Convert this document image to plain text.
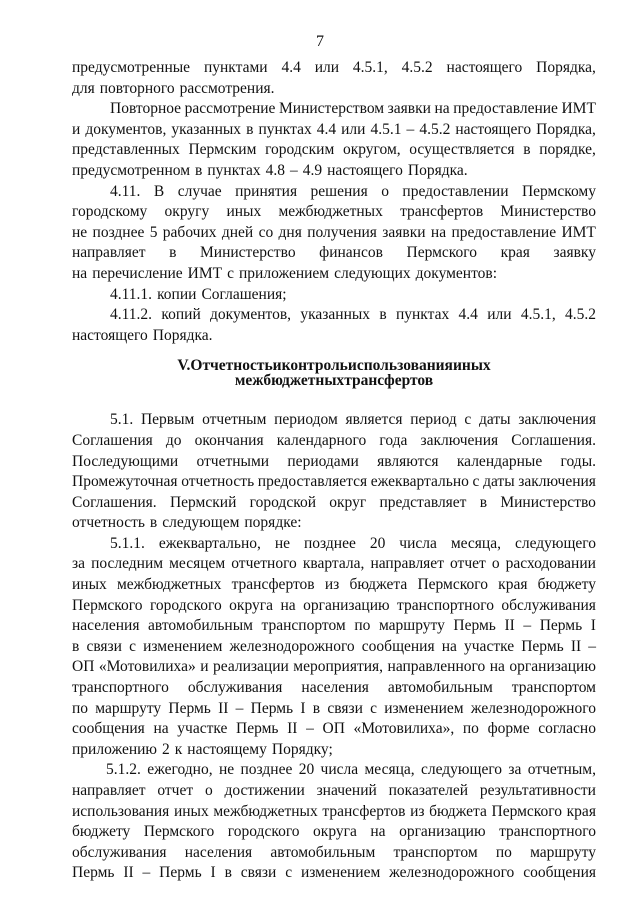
7
предусмотренные пунктами 4.4 или 4.5.1, 4.5.2 настоящего Порядка,
для повторного рассмотрения.
Повторное рассмотрение Министерством заявки на предоставление ИМТ
и документов, указанных в пунктах 4.4 или 4.5.1 – 4.5.2 настоящего Порядка,
представленных Пермским городским округом, осуществляется в порядке,
предусмотренном в пунктах 4.8 – 4.9 настоящего Порядка.
4.11. В случае принятия решения о предоставлении Пермскому
городскому округу иных межбюджетных трансфертов Министерство
не позднее 5 рабочих дней со дня получения заявки на предоставление ИМТ
направляет в Министерство финансов Пермского края заявку
на перечисление ИМТ с приложением следующих документов:
4.11.1. копии Соглашения;
4.11.2. копий документов, указанных в пунктах 4.4 или 4.5.1, 4.5.2
настоящего Порядка.
V. Отчетность и контроль использования иных
межбюджетных трансфертов
5.1. Первым отчетным периодом является период с даты заключения
Соглашения до окончания календарного года заключения Соглашения.
Последующими отчетными периодами являются календарные годы.
Промежуточная отчетность предоставляется ежеквартально с даты заключения
Соглашения. Пермский городской округ представляет в Министерство
отчетность в следующем порядке:
5.1.1. ежеквартально, не позднее 20 числа месяца, следующего
за последним месяцем отчетного квартала, направляет отчет о расходовании
иных межбюджетных трансфертов из бюджета Пермского края бюджету
Пермского городского округа на организацию транспортного обслуживания
населения автомобильным транспортом по маршруту Пермь II – Пермь I
в связи с изменением железнодорожного сообщения на участке Пермь II –
ОП «Мотовилиха» и реализации мероприятия, направленного на организацию
транспортного обслуживания населения автомобильным транспортом
по маршруту Пермь II – Пермь I в связи с изменением железнодорожного
сообщения на участке Пермь II – ОП «Мотовилиха», по форме согласно
приложению 2 к настоящему Порядку;
5.1.2. ежегодно, не позднее 20 числа месяца, следующего за отчетным,
направляет отчет о достижении значений показателей результативности
использования иных межбюджетных трансфертов из бюджета Пермского края
бюджету Пермского городского округа на организацию транспортного
обслуживания населения автомобильным транспортом по маршруту
Пермь II – Пермь I в связи с изменением железнодорожного сообщения
